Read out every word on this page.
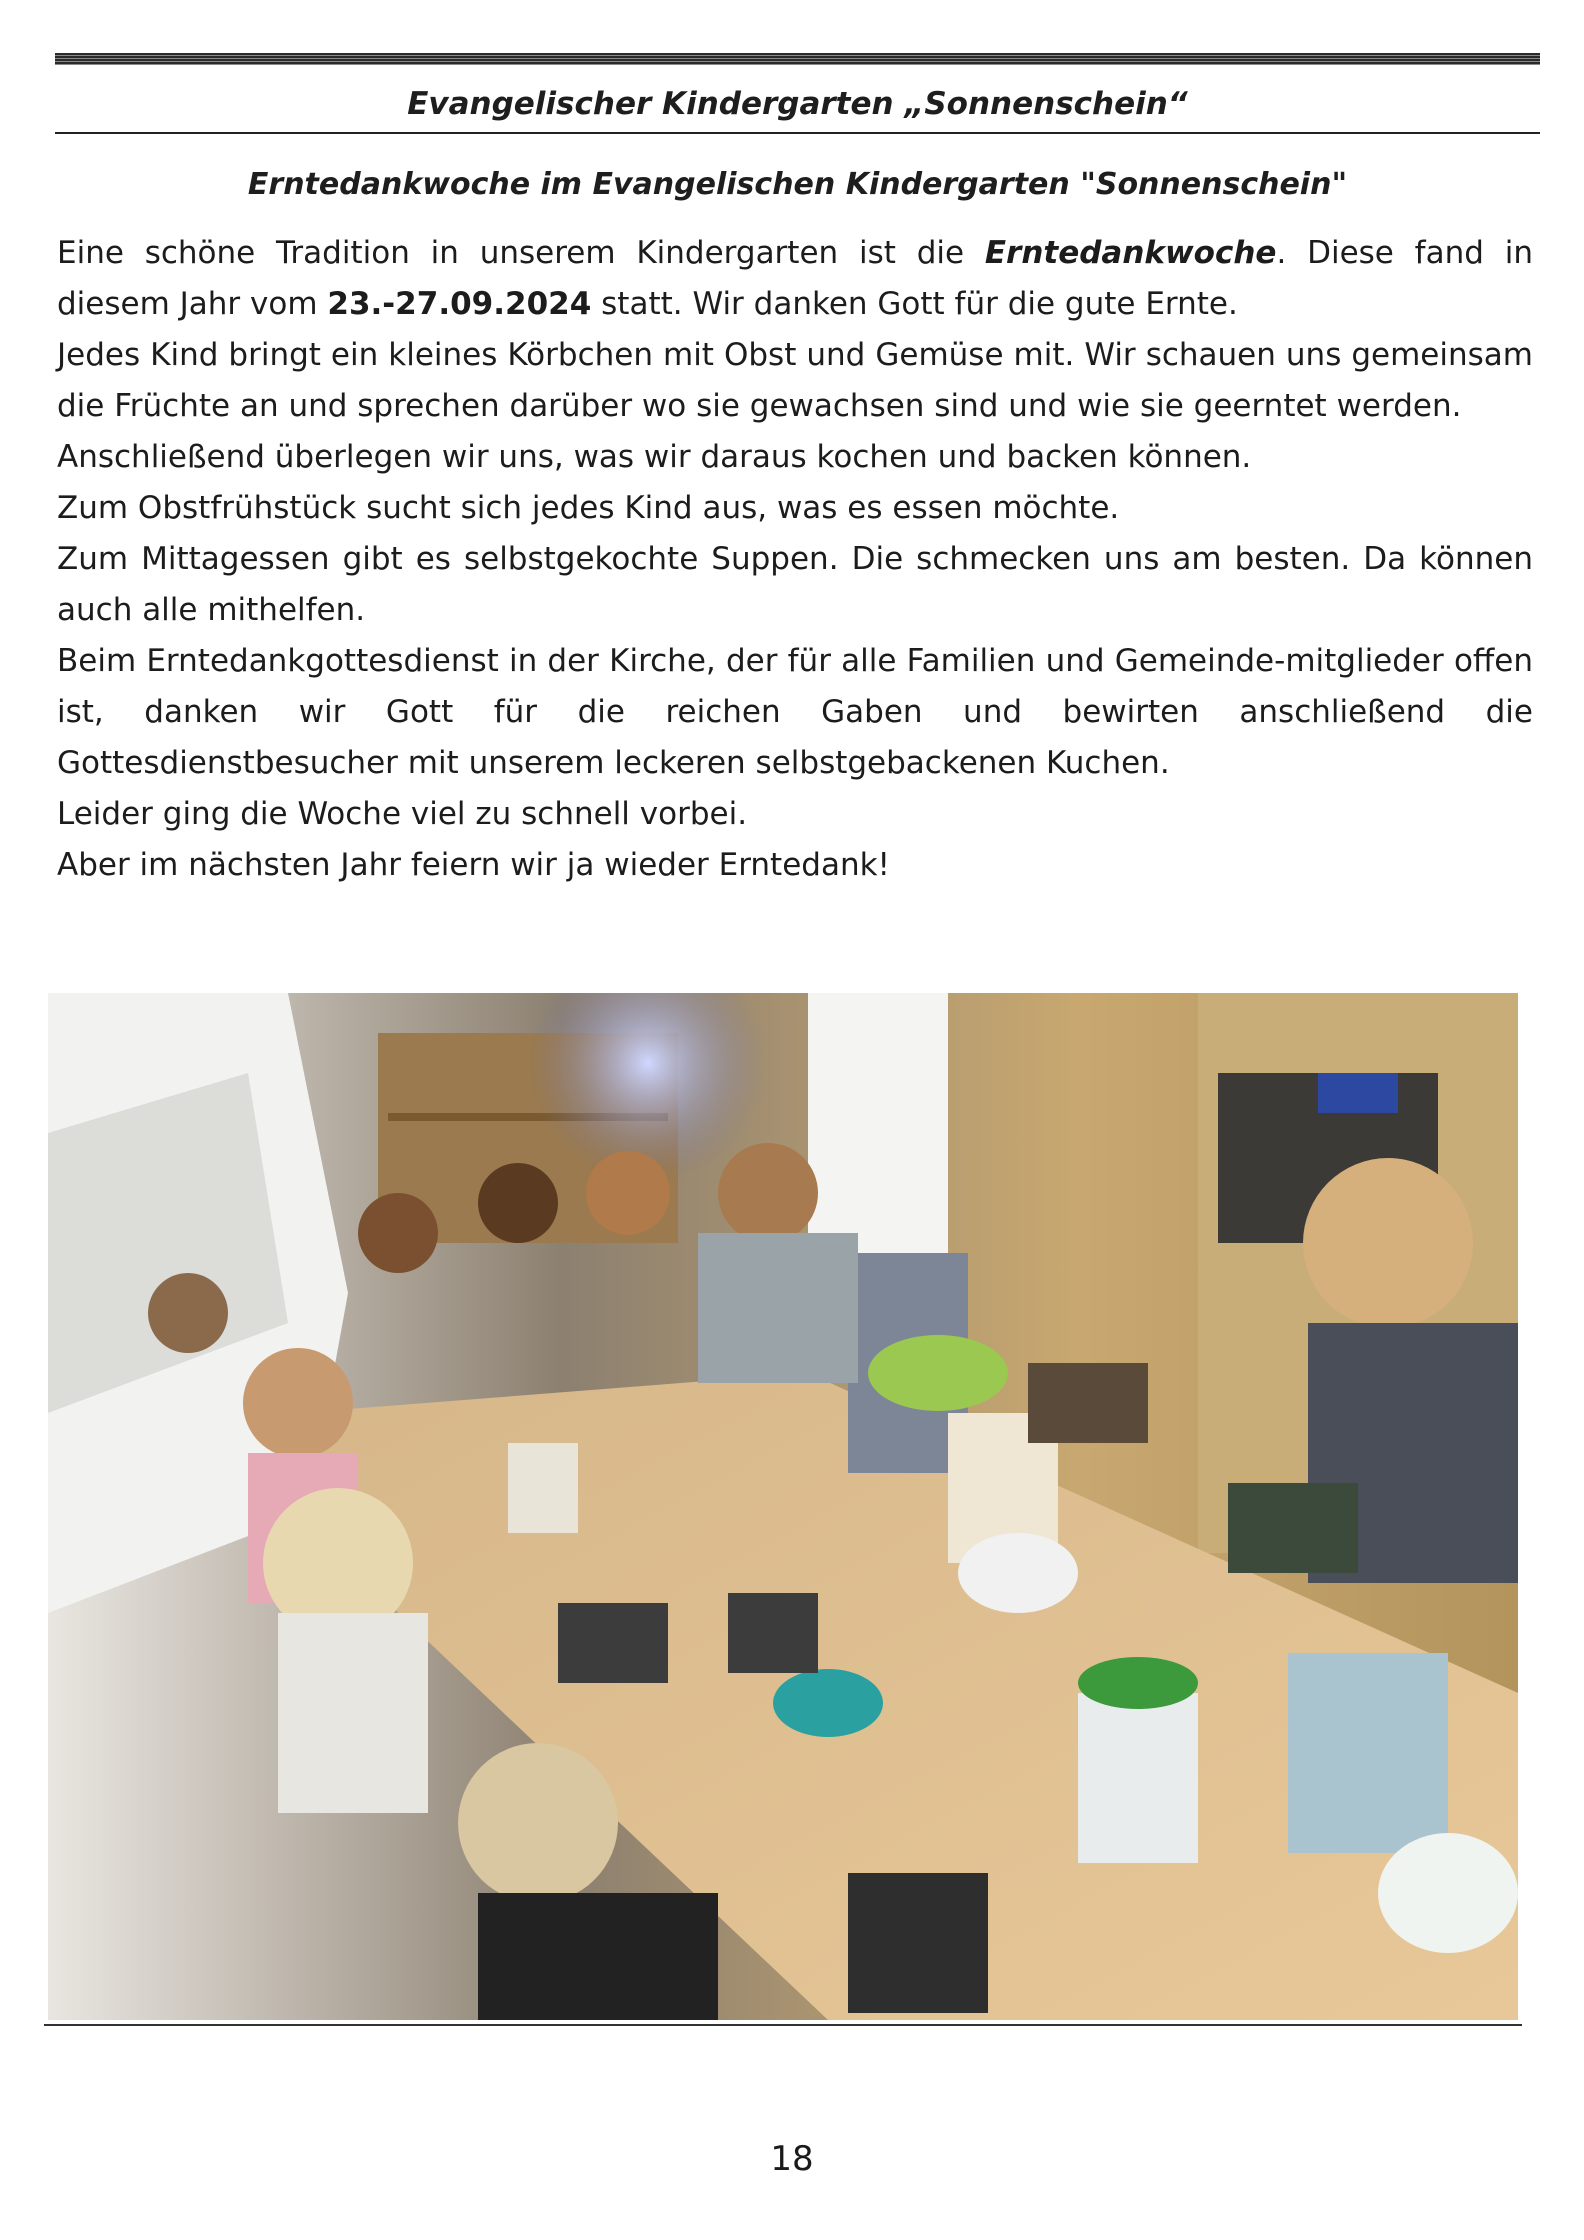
Evangelischer Kindergarten „Sonnenschein“
Erntedankwoche im Evangelischen Kindergarten "Sonnenschein"

Eine schöne Tradition in unserem Kindergarten ist die Erntedankwoche. Diese fand in diesem Jahr vom 23.-27.09.2024 statt. Wir danken Gott für die gute Ernte.

Jedes Kind bringt ein kleines Körbchen mit Obst und Gemüse mit. Wir schauen uns gemeinsam die Früchte an und sprechen darüber wo sie gewachsen sind und wie sie geerntet werden.

Anschließend überlegen wir uns, was wir daraus kochen und backen können.

Zum Obstfrühstück sucht sich jedes Kind aus, was es essen möchte.

Zum Mittagessen gibt es selbstgekochte Suppen. Die schmecken uns am besten. Da können auch alle mithelfen.

Beim Erntedankgottesdienst in der Kirche, der für alle Familien und Gemeinde-mitglieder offen ist, danken wir Gott für die reichen Gaben und bewirten anschließend die Gottesdienstbesucher mit unserem leckeren selbstgebackenen Kuchen.

Leider ging die Woche viel zu schnell vorbei.

Aber im nächsten Jahr feiern wir ja wieder Erntedank!

18
